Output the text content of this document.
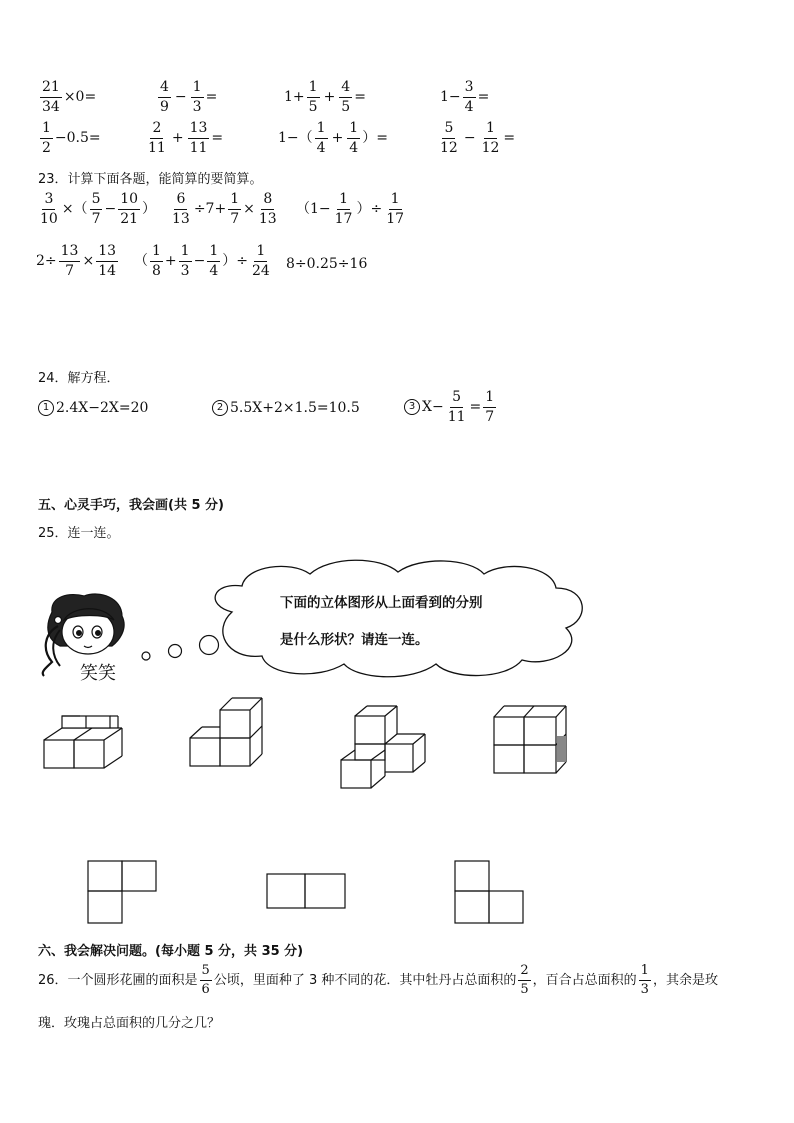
$\frac{21}{34} \times 0=$	$\frac{4}{9} - \frac{1}{3}$ =	$1+ \frac{1}{5} + \frac{4}{5}$ =	$1- \frac{3}{4}$ =
$\frac{1}{2} -0.5=$	$\frac{2}{11} + \frac{13}{11}$ =	$1-( \frac{1}{4} + \frac{1}{4}$ ）=	$\frac{5}{12} - \frac{1}{12}$ =
23．计算下面各题，能简算的要简算。
$\frac{3}{10}$ ×（ $\frac{5}{7} - \frac{10}{21}$ ） $\frac{6}{13} \div 7+ \frac{1}{7} \times \frac{8}{13} (1- \frac{1}{17}$ ）÷ $\frac{1}{17}$
$2\div \frac{13}{7} \times \frac{13}{14}$ （ $\frac{1}{8} + \frac{1}{3} - \frac{1}{4}$ ）÷ $\frac{1}{24} 8\div 0.25\div 16$
24．解方程．
1 2.4X−2X=20	2 5.5X+2×1.5=10.5	3 $X- \frac{5}{11} = \frac{1}{7}$
五、心灵手巧，我会画(共 5 分)
25．连一连。
下面的立体图形从上面看到的分别
是什么形状？请连一连。
笑笑
六、我会解决问题。(每小题 5 分，共 35 分)
26．一个圆形花圃的面积是 $\frac{5}{6}$ 公顷，里面种了 3 种不同的花．其中牡丹占总面积的 $\frac{2}{5}$ ，百合占总面积的 $\frac{1}{3}$ ，其余是玫
瑰．玫瑰占总面积的几分之几？
